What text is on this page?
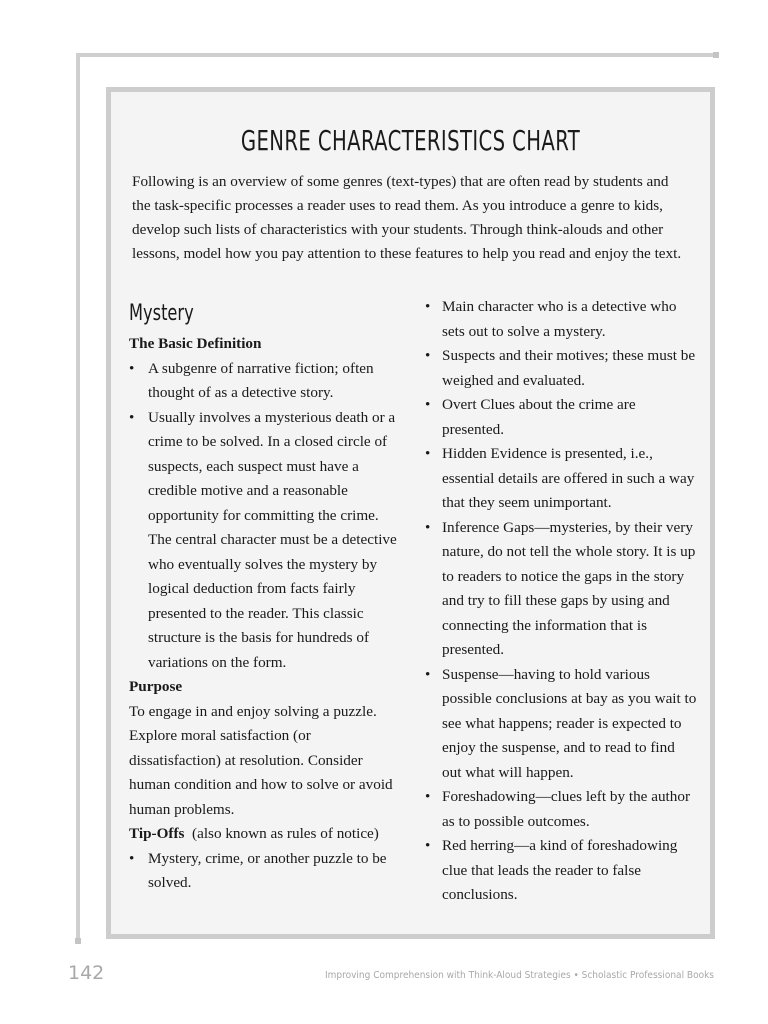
GENRE CHARACTERISTICS CHART

Following is an overview of some genres (text-types) that are often read by students and the task-specific processes a reader uses to read them. As you introduce a genre to kids, develop such lists of characteristics with your students. Through think-alouds and other lessons, model how you pay attention to these features to help you read and enjoy the text.

Mystery

The Basic Definition

• A subgenre of narrative fiction; often thought of as a detective story.
• Usually involves a mysterious death or a crime to be solved. In a closed circle of suspects, each suspect must have a credible motive and a reasonable opportunity for committing the crime. The central character must be a detective who eventually solves the mystery by logical deduction from facts fairly presented to the reader. This classic structure is the basis for hundreds of variations on the form.

Purpose

To engage in and enjoy solving a puzzle. Explore moral satisfaction (or dissatisfaction) at resolution. Consider human condition and how to solve or avoid human problems.

Tip-Offs (also known as rules of notice)

• Mystery, crime, or another puzzle to be solved.
• Main character who is a detective who sets out to solve a mystery.
• Suspects and their motives; these must be weighed and evaluated.
• Overt Clues about the crime are presented.
• Hidden Evidence is presented, i.e., essential details are offered in such a way that they seem unimportant.
• Inference Gaps—mysteries, by their very nature, do not tell the whole story. It is up to readers to notice the gaps in the story and try to fill these gaps by using and connecting the information that is presented.
• Suspense—having to hold various possible conclusions at bay as you wait to see what happens; reader is expected to enjoy the suspense, and to read to find out what will happen.
• Foreshadowing—clues left by the author as to possible outcomes.
• Red herring—a kind of foreshadowing clue that leads the reader to false conclusions.
142	Improving Comprehension with Think-Aloud Strategies • Scholastic Professional Books
